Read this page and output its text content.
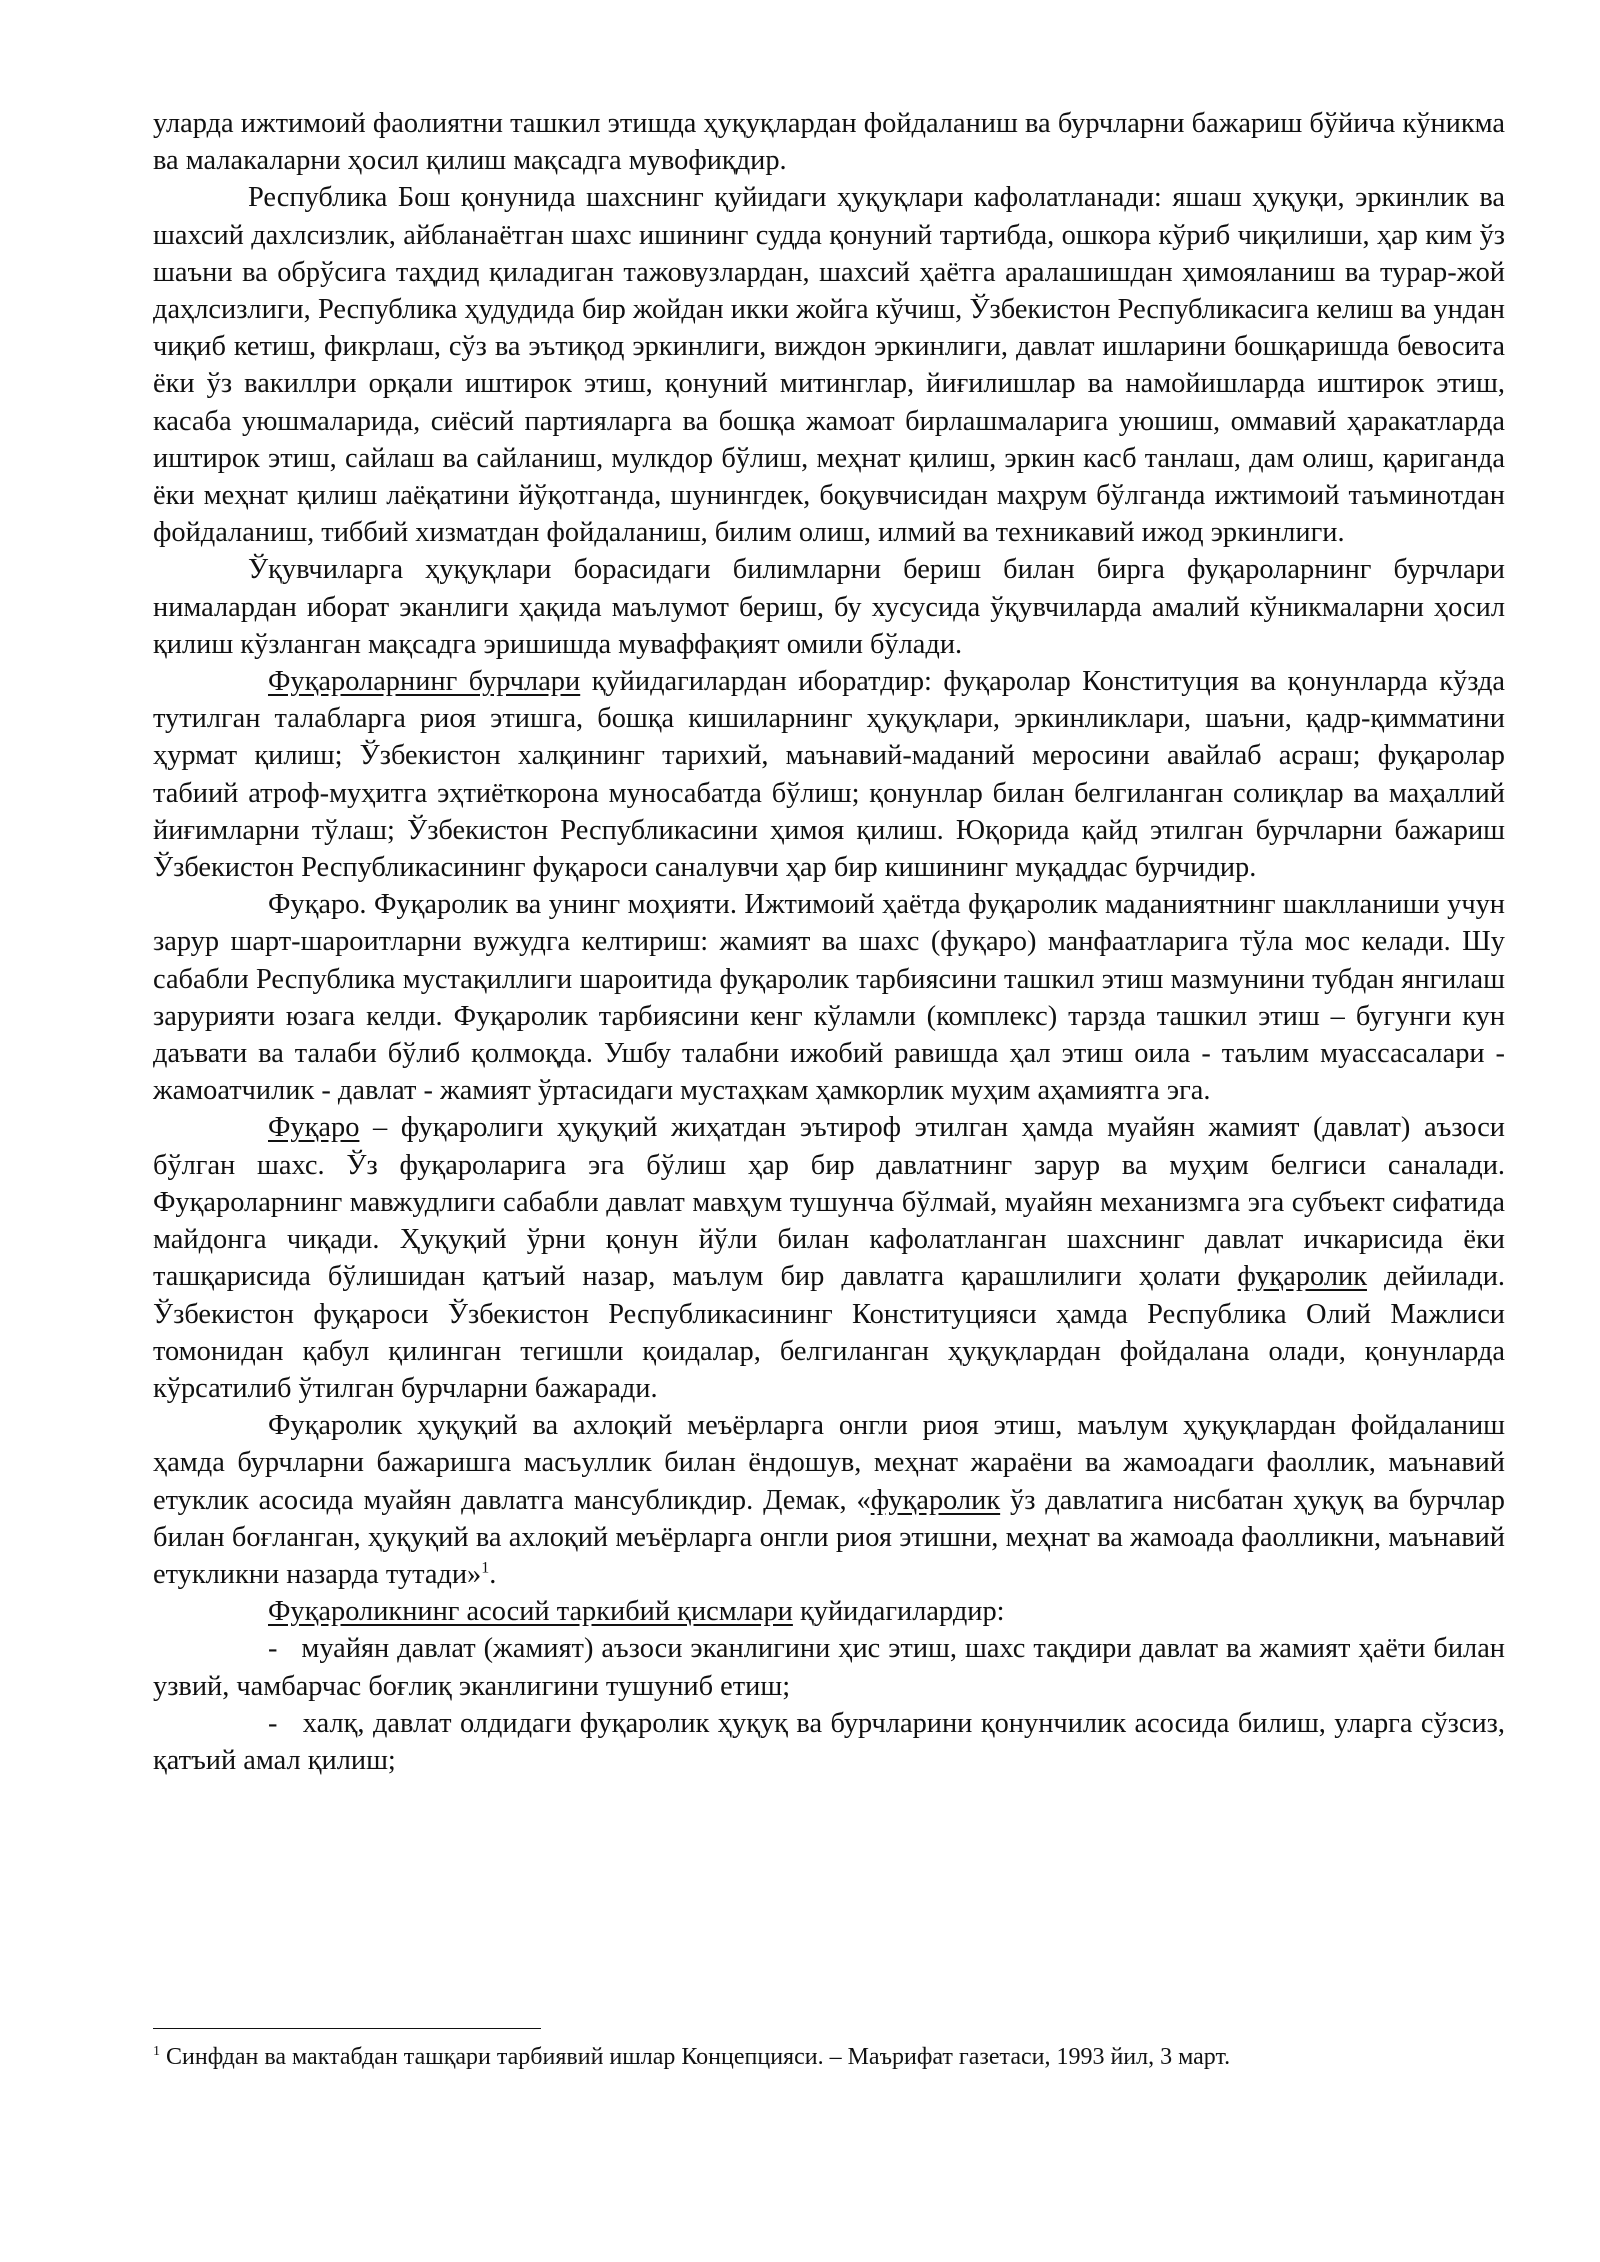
уларда ижтимоий фаолиятни ташкил этишда ҳуқуқлардан фойдаланиш ва бурчларни бажариш бўйича кўникма ва малакаларни ҳосил қилиш мақсадга мувофиқдир.

Республика Бош қонунида шахснинг қуйидаги ҳуқуқлари кафолатланади: яшаш ҳуқуқи, эркинлик ва шахсий дахлсизлик, айбланаётган шахс ишининг судда қонуний тартибда, ошкора кўриб чиқилиши, ҳар ким ўз шаъни ва обрўсига таҳдид қиладиган тажовузлардан, шахсий ҳаётга аралашишдан ҳимояланиш ва турар-жой даҳлсизлиги, Республика ҳудудида бир жойдан икки жойга кўчиш, Ўзбекистон Республикасига келиш ва ундан чиқиб кетиш, фикрлаш, сўз ва эътиқод эркинлиги, виждон эркинлиги, давлат ишларини бошқаришда бевосита ёки ўз вакиллри орқали иштирок этиш, қонуний митинглар, йиғилишлар ва намойишларда иштирок этиш, касаба уюшмаларида, сиёсий партияларга ва бошқа жамоат бирлашмаларига уюшиш, оммавий ҳаракатларда иштирок этиш, сайлаш ва сайланиш, мулкдор бўлиш, меҳнат қилиш, эркин касб танлаш, дам олиш, қариганда ёки меҳнат қилиш лаёқатини йўқотганда, шунингдек, боқувчисидан маҳрум бўлганда ижтимоий таъминотдан фойдаланиш, тиббий хизматдан фойдаланиш, билим олиш, илмий ва техникавий ижод эркинлиги.

Ўқувчиларга ҳуқуқлари борасидаги билимларни бериш билан бирга фуқароларнинг бурчлари нималардан иборат эканлиги ҳақида маълумот бериш, бу хусусида ўқувчиларда амалий кўникмаларни ҳосил қилиш кўзланган мақсадга эришишда муваффақият омили бўлади.

Фуқароларнинг бурчлари қуйидагилардан иборатдир: фуқаролар Конституция ва қонунларда кўзда тутилган талабларга риоя этишга, бошқа кишиларнинг ҳуқуқлари, эркинликлари, шаъни, қадр-қимматини ҳурмат қилиш; Ўзбекистон халқининг тарихий, маънавий-маданий меросини авайлаб асраш; фуқаролар табиий атроф-муҳитга эҳтиёткорона муносабатда бўлиш; қонунлар билан белгиланган солиқлар ва маҳаллий йиғимларни тўлаш; Ўзбекистон Республикасини ҳимоя қилиш. Юқорида қайд этилган бурчларни бажариш Ўзбекистон Республикасининг фуқароси саналувчи ҳар бир кишининг муқаддас бурчидир.

Фуқаро. Фуқаролик ва унинг моҳияти. Ижтимоий ҳаётда фуқаролик маданиятнинг шаклланиши учун зарур шарт-шароитларни вужудга келтириш: жамият ва шахс (фуқаро) манфаатларига тўла мос келади. Шу сабабли Республика мустақиллиги шароитида фуқаролик тарбиясини ташкил этиш мазмунини тубдан янгилаш зарурияти юзага келди. Фуқаролик тарбиясини кенг кўламли (комплекс) тарзда ташкил этиш – бугунги кун даъвати ва талаби бўлиб қолмоқда. Ушбу талабни ижобий равишда ҳал этиш оила - таълим муассасалари - жамоатчилик - давлат - жамият ўртасидаги мустаҳкам ҳамкорлик муҳим аҳамиятга эга.

Фуқаро – фуқаролиги ҳуқуқий жиҳатдан эътироф этилган ҳамда муайян жамият (давлат) аъзоси бўлган шахс. Ўз фуқароларига эга бўлиш ҳар бир давлатнинг зарур ва муҳим белгиси саналади. Фуқароларнинг мавжудлиги сабабли давлат мавҳум тушунча бўлмай, муайян механизмга эга субъект сифатида майдонга чиқади. Ҳуқуқий ўрни қонун йўли билан кафолатланган шахснинг давлат ичкарисида ёки ташқарисида бўлишидан қатъий назар, маълум бир давлатга қарашлилиги ҳолати фуқаролик дейилади. Ўзбекистон фуқароси Ўзбекистон Республикасининг Конституцияси ҳамда Республика Олий Мажлиси томонидан қабул қилинган тегишли қоидалар, белгиланган ҳуқуқлардан фойдалана олади, қонунларда кўрсатилиб ўтилган бурчларни бажаради.

Фуқаролик ҳуқуқий ва ахлоқий меъёрларга онгли риоя этиш, маълум ҳуқуқлардан фойдаланиш ҳамда бурчларни бажаришга масъуллик билан ёндошув, меҳнат жараёни ва жамоадаги фаоллик, маънавий етуклик асосида муайян давлатга мансубликдир. Демак, «фуқаролик ўз давлатига нисбатан ҳуқуқ ва бурчлар билан боғланган, ҳуқуқий ва ахлоқий меъёрларга онгли риоя этишни, меҳнат ва жамоада фаолликни, маънавий етукликни назарда тутади»$^1$.

Фуқароликнинг асосий таркибий қисмлари қуйидагилардир:

-   муайян давлат (жамият) аъзоси эканлигини ҳис этиш, шахс тақдири давлат ва жамият ҳаёти билан узвий, чамбарчас боғлиқ эканлигини тушуниб етиш;

-   халқ, давлат олдидаги фуқаролик ҳуқуқ ва бурчларини қонунчилик асосида билиш, уларга сўзсиз, қатъий амал қилиш;

$^1$ Синфдан ва мактабдан ташқари тарбиявий ишлар Концепцияси. – Маърифат газетаси, 1993 йил, 3 март.
